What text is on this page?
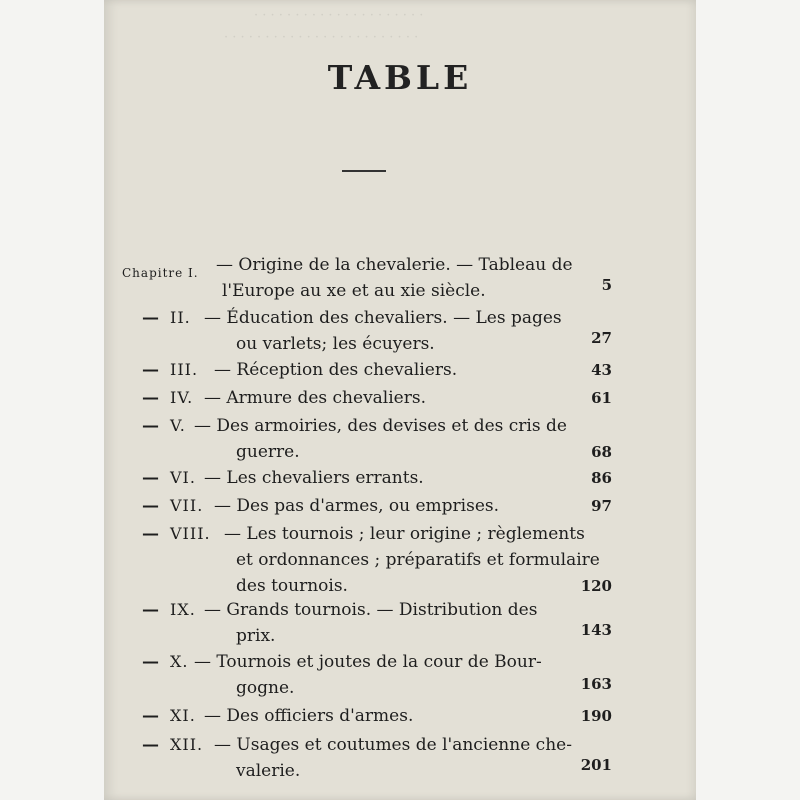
· · · · · · · · · · · · · · · · · · · · ·
· · · · · · · · · · · · · · · · · · · · · · · ·
TABLE
Chapitre I. — Origine de la chevalerie. — Tableau de
l'Europe au xe et au xie siècle.	5
— II. — Éducation des chevaliers. — Les pages
ou varlets; les écuyers.	27
— III. — Réception des chevaliers.	43
— IV. — Armure des chevaliers.	61
— V. — Des armoiries, des devises et des cris de
guerre.	68
— VI. — Les chevaliers errants.	86
— VII. — Des pas d'armes, ou emprises.	97
— VIII. — Les tournois ; leur origine ; règlements
et ordonnances ; préparatifs et formulaire
des tournois.	120
— IX. — Grands tournois. — Distribution des
prix.	143
— X. — Tournois et joutes de la cour de Bour-
gogne.	163
— XI. — Des officiers d'armes.	190
— XII. — Usages et coutumes de l'ancienne che-
valerie.	201
